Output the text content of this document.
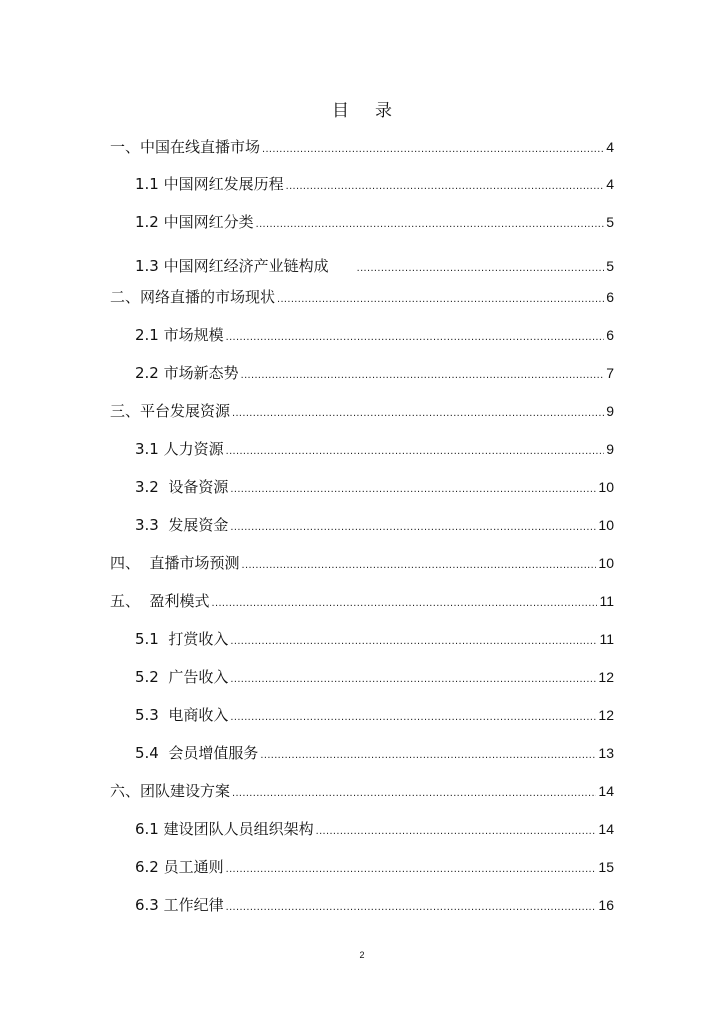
目 录
一、中国在线直播市场 .....	4
1.1 中国网红发展历程 .....	4
1.2 中国网红分类 .....	5
1.3 中国网红经济产业链构成 .....	5
二、网络直播的市场现状 .....	6
2.1 市场规模 .....	6
2.2 市场新态势 .....	7
三、平台发展资源 .....	9
3.1 人力资源 .....	9
3.2  设备资源 .....	10
3.3  发展资金 .....	10
四、  直播市场预测 .....	10
五、  盈利模式 .....	11
5.1  打赏收入 .....	11
5.2  广告收入 .....	12
5.3  电商收入 .....	12
5.4  会员增值服务 .....	13
六、团队建设方案 .....	14
6.1 建设团队人员组织架构 .....	14
6.2 员工通则 .....	15
6.3 工作纪律 .....	16
2
